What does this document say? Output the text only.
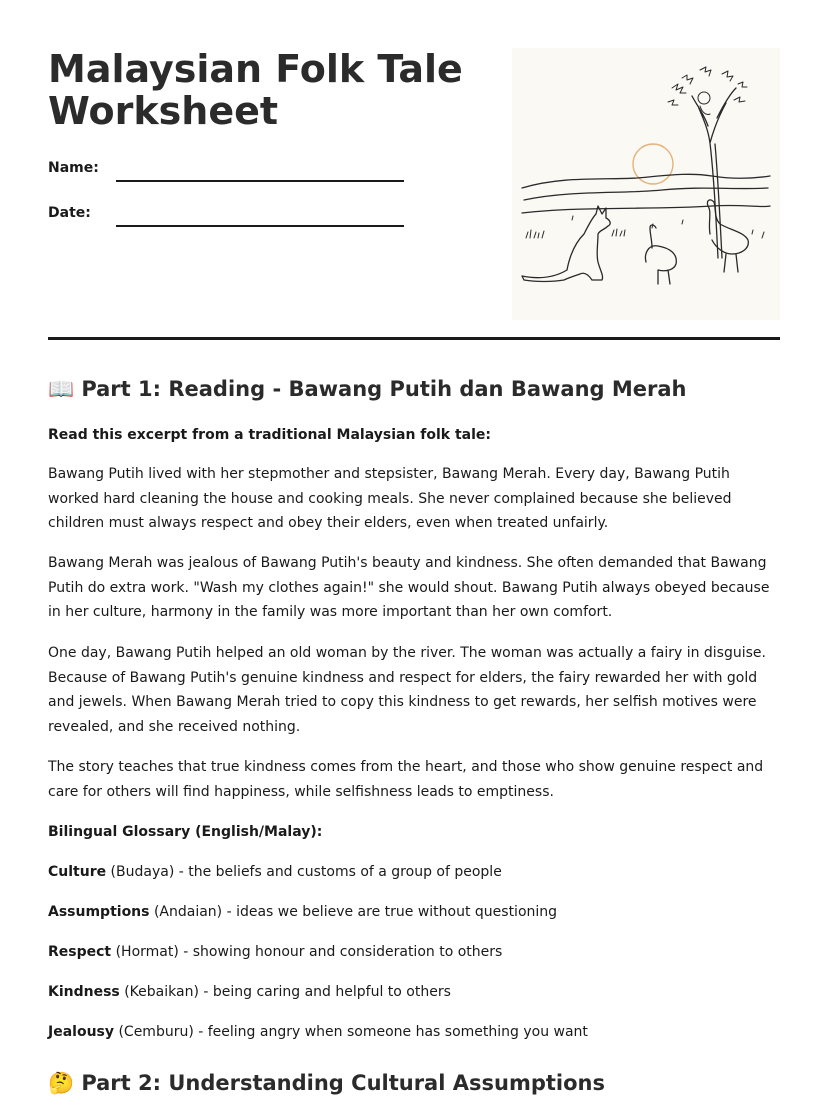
Malaysian Folk Tale Worksheet
Name:
Date:
📖 Part 1: Reading - Bawang Putih dan Bawang Merah
Read this excerpt from a traditional Malaysian folk tale:

Bawang Putih lived with her stepmother and stepsister, Bawang Merah. Every day, Bawang Putih worked hard cleaning the house and cooking meals. She never complained because she believed children must always respect and obey their elders, even when treated unfairly.

Bawang Merah was jealous of Bawang Putih's beauty and kindness. She often demanded that Bawang Putih do extra work. "Wash my clothes again!" she would shout. Bawang Putih always obeyed because in her culture, harmony in the family was more important than her own comfort.

One day, Bawang Putih helped an old woman by the river. The woman was actually a fairy in disguise. Because of Bawang Putih's genuine kindness and respect for elders, the fairy rewarded her with gold and jewels. When Bawang Merah tried to copy this kindness to get rewards, her selfish motives were revealed, and she received nothing.

The story teaches that true kindness comes from the heart, and those who show genuine respect and care for others will find happiness, while selfishness leads to emptiness.

Bilingual Glossary (English/Malay):
Culture (Budaya) - the beliefs and customs of a group of people
Assumptions (Andaian) - ideas we believe are true without questioning
Respect (Hormat) - showing honour and consideration to others
Kindness (Kebaikan) - being caring and helpful to others
Jealousy (Cemburu) - feeling angry when someone has something you want
🤔 Part 2: Understanding Cultural Assumptions
